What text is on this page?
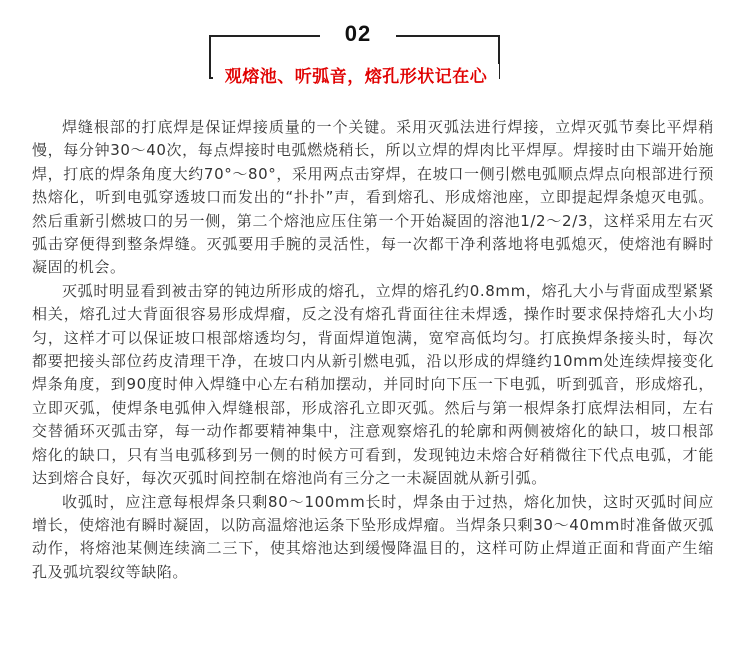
02
观熔池、听弧音，熔孔形状记在心

焊缝根部的打底焊是保证焊接质量的一个关键。采用灭弧法进行焊接，立焊灭弧节奏比平焊稍慢，每分钟30～40次，每点焊接时电弧燃烧稍长，所以立焊的焊肉比平焊厚。焊接时由下端开始施焊，打底的焊条角度大约70°～80°，采用两点击穿焊，在坡口一侧引燃电弧顺点焊点向根部进行预热熔化，听到电弧穿透坡口而发出的“扑扑”声，看到熔孔、形成熔池座，立即提起焊条熄灭电弧。然后重新引燃坡口的另一侧，第二个熔池应压住第一个开始凝固的溶池1/2～2/3，这样采用左右灭弧击穿便得到整条焊缝。灭弧要用手腕的灵活性，每一次都干净利落地将电弧熄灭，使熔池有瞬时凝固的机会。

灭弧时明显看到被击穿的钝边所形成的熔孔，立焊的熔孔约0.8mm，熔孔大小与背面成型紧紧相关，熔孔过大背面很容易形成焊瘤，反之没有熔孔背面往往未焊透，操作时要求保持熔孔大小均匀，这样才可以保证坡口根部熔透均匀，背面焊道饱满，宽窄高低均匀。打底换焊条接头时，每次都要把接头部位药皮清理干净，在坡口内从新引燃电弧，沿以形成的焊缝约10mm处连续焊接变化焊条角度，到90度时伸入焊缝中心左右稍加摆动，并同时向下压一下电弧，听到弧音，形成熔孔，立即灭弧，使焊条电弧伸入焊缝根部，形成溶孔立即灭弧。然后与第一根焊条打底焊法相同，左右交替循环灭弧击穿，每一动作都要精神集中，注意观察熔孔的轮廓和两侧被熔化的缺口，坡口根部熔化的缺口，只有当电弧移到另一侧的时候方可看到，发现钝边未熔合好稍微往下代点电弧，才能达到熔合良好，每次灭弧时间控制在熔池尚有三分之一未凝固就从新引弧。

收弧时，应注意每根焊条只剩80～100mm长时，焊条由于过热，熔化加快，这时灭弧时间应增长，使熔池有瞬时凝固，以防高温熔池运条下坠形成焊瘤。当焊条只剩30～40mm时准备做灭弧动作，将熔池某侧连续滴二三下，使其熔池达到缓慢降温目的，这样可防止焊道正面和背面产生缩孔及弧坑裂纹等缺陷。
